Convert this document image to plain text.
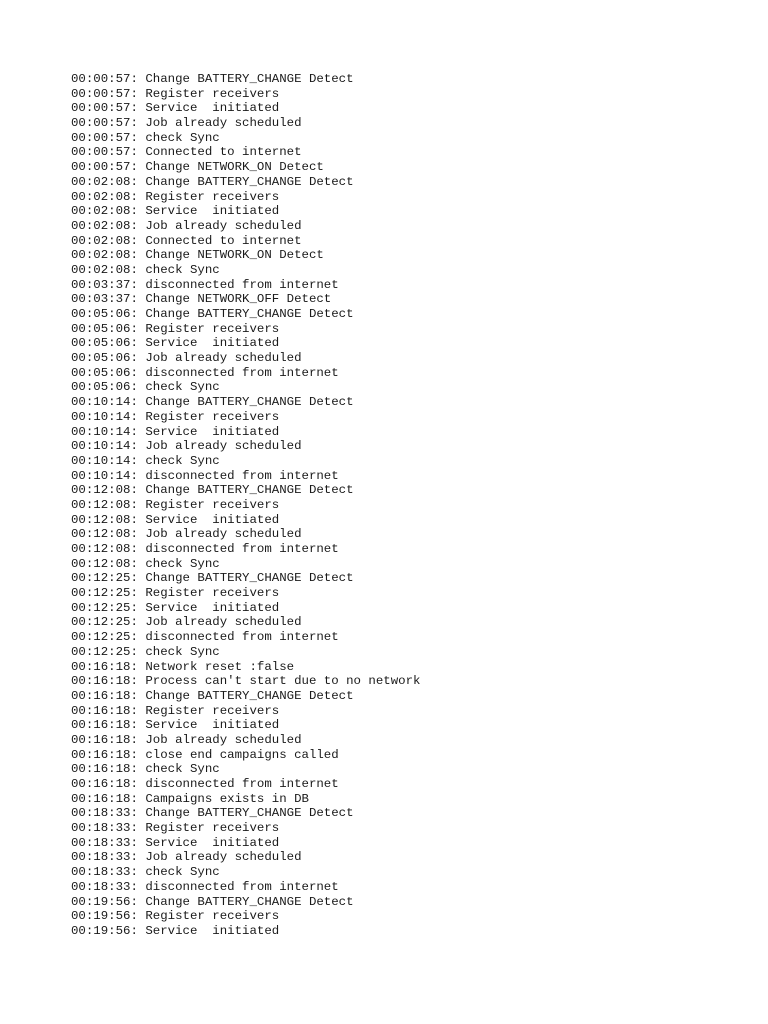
00:00:57: Change BATTERY_CHANGE Detect
00:00:57: Register receivers
00:00:57: Service  initiated
00:00:57: Job already scheduled
00:00:57: check Sync
00:00:57: Connected to internet
00:00:57: Change NETWORK_ON Detect
00:02:08: Change BATTERY_CHANGE Detect
00:02:08: Register receivers
00:02:08: Service  initiated
00:02:08: Job already scheduled
00:02:08: Connected to internet
00:02:08: Change NETWORK_ON Detect
00:02:08: check Sync
00:03:37: disconnected from internet
00:03:37: Change NETWORK_OFF Detect
00:05:06: Change BATTERY_CHANGE Detect
00:05:06: Register receivers
00:05:06: Service  initiated
00:05:06: Job already scheduled
00:05:06: disconnected from internet
00:05:06: check Sync
00:10:14: Change BATTERY_CHANGE Detect
00:10:14: Register receivers
00:10:14: Service  initiated
00:10:14: Job already scheduled
00:10:14: check Sync
00:10:14: disconnected from internet
00:12:08: Change BATTERY_CHANGE Detect
00:12:08: Register receivers
00:12:08: Service  initiated
00:12:08: Job already scheduled
00:12:08: disconnected from internet
00:12:08: check Sync
00:12:25: Change BATTERY_CHANGE Detect
00:12:25: Register receivers
00:12:25: Service  initiated
00:12:25: Job already scheduled
00:12:25: disconnected from internet
00:12:25: check Sync
00:16:18: Network reset :false
00:16:18: Process can't start due to no network
00:16:18: Change BATTERY_CHANGE Detect
00:16:18: Register receivers
00:16:18: Service  initiated
00:16:18: Job already scheduled
00:16:18: close end campaigns called
00:16:18: check Sync
00:16:18: disconnected from internet
00:16:18: Campaigns exists in DB
00:18:33: Change BATTERY_CHANGE Detect
00:18:33: Register receivers
00:18:33: Service  initiated
00:18:33: Job already scheduled
00:18:33: check Sync
00:18:33: disconnected from internet
00:19:56: Change BATTERY_CHANGE Detect
00:19:56: Register receivers
00:19:56: Service  initiated
